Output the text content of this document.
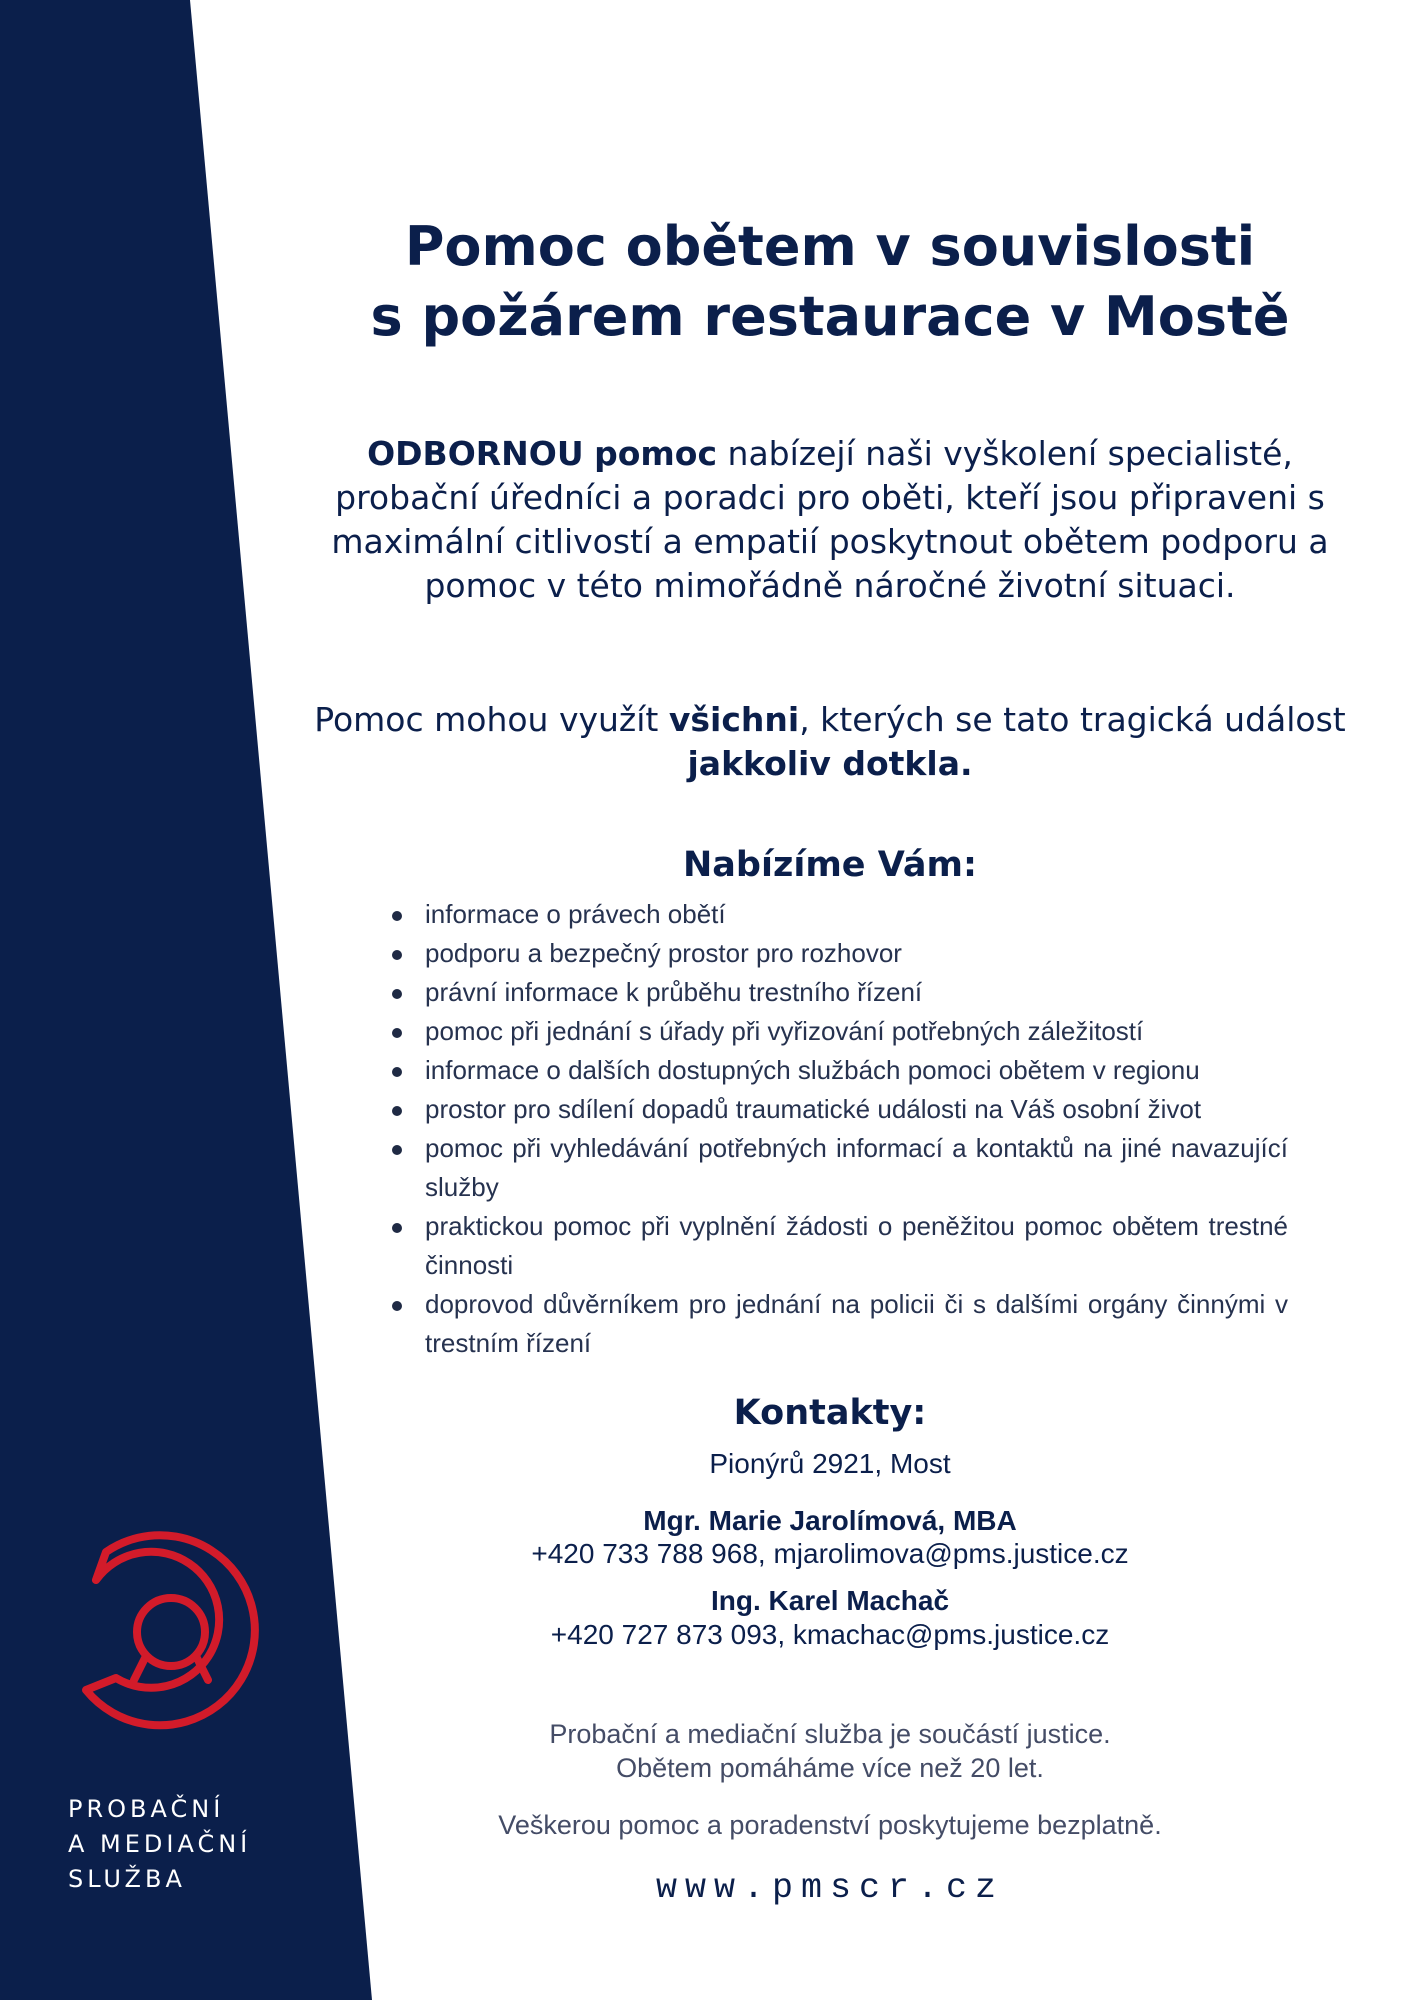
PROBAČNÍ
A MEDIAČNÍ
SLUŽBA
Pomoc obětem v souvislosti
s požárem restaurace v Mostě
ODBORNOU pomoc nabízejí naši vyškolení specialisté, probační úředníci a poradci pro oběti, kteří jsou připraveni s maximální citlivostí a empatií poskytnout obětem podporu a pomoc v této mimořádně náročné životní situaci.
Pomoc mohou využít všichni, kterých se tato tragická událost jakkoliv dotkla.
Nabízíme Vám:
informace o právech obětí
podporu a bezpečný prostor pro rozhovor
právní informace k průběhu trestního řízení
pomoc při jednání s úřady při vyřizování potřebných záležitostí
informace o dalších dostupných službách pomoci obětem v regionu
prostor pro sdílení dopadů traumatické události na Váš osobní život
pomoc při vyhledávání potřebných informací a kontaktů na jiné navazující služby
praktickou pomoc při vyplnění žádosti o peněžitou pomoc obětem trestné činnosti
doprovod důvěrníkem pro jednání na policii či s dalšími orgány činnými v trestním řízení
Kontakty:
Pionýrů 2921, Most
Mgr. Marie Jarolímová, MBA
+420 733 788 968, mjarolimova@pms.justice.cz
Ing. Karel Machač
+420 727 873 093, kmachac@pms.justice.cz
Probační a mediační služba je součástí justice.
Obětem pomáháme více než 20 let.
Veškerou pomoc a poradenství poskytujeme bezplatně.
www.pmscr.cz
